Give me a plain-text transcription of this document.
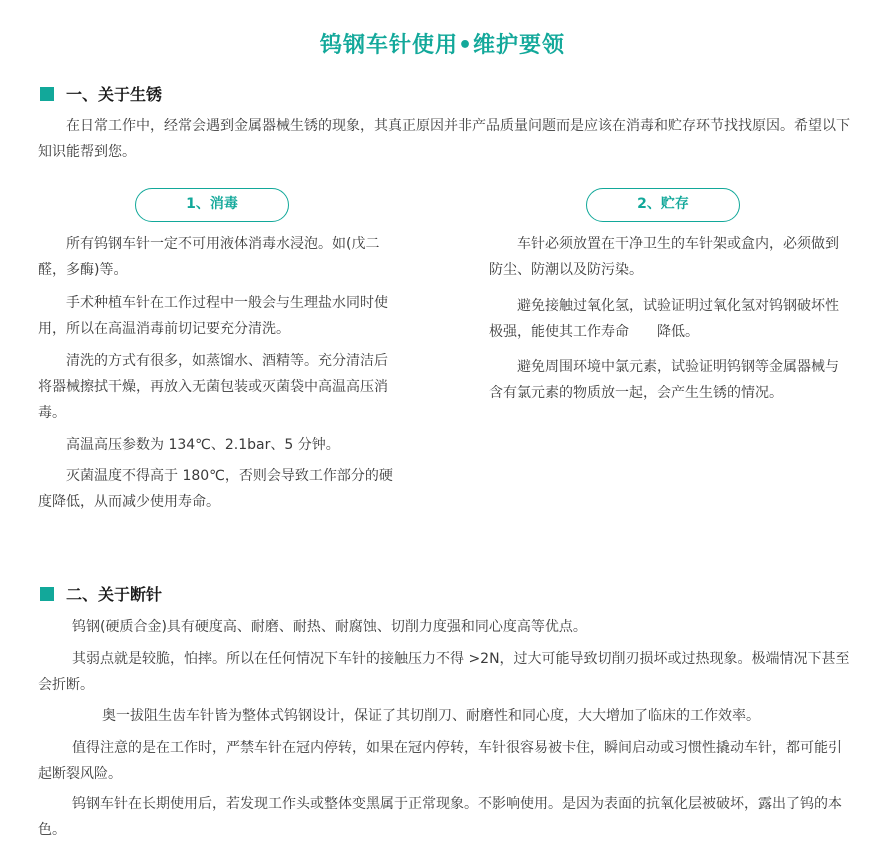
钨钢车针使用•维护要领
一、关于生锈

在日常工作中，经常会遇到金属器械生锈的现象，其真正原因并非产品质量问题而是应该在消毒和贮存环节找找原因。希望以下知识能帮到您。

1、消毒	2、贮存

所有钨钢车针一定不可用液体消毒水浸泡。如(戊二醛，多酶)等。

手术种植车针在工作过程中一般会与生理盐水同时使用，所以在高温消毒前切记要充分清洗。

清洗的方式有很多，如蒸馏水、酒精等。充分清洁后将器械擦拭干燥，再放入无菌包装或灭菌袋中高温高压消毒。

高温高压参数为 134℃、2.1bar、5 分钟。

灭菌温度不得高于 180℃，否则会导致工作部分的硬度降低，从而减少使用寿命。

车针必须放置在干净卫生的车针架或盒内，必须做到防尘、防潮以及防污染。

避免接触过氧化氢，试验证明过氧化氢对钨钢破坏性极强，能使其工作寿命　　降低。

避免周围环境中氯元素，试验证明钨钢等金属器械与含有氯元素的物质放一起，会产生生锈的情况。

二、关于断针

钨钢(硬质合金)具有硬度高、耐磨、耐热、耐腐蚀、切削力度强和同心度高等优点。

其弱点就是较脆，怕摔。所以在任何情况下车针的接触压力不得 >2N，过大可能导致切削刃损坏或过热现象。极端情况下甚至会折断。

奥一拔阻生齿车针皆为整体式钨钢设计，保证了其切削刀、耐磨性和同心度，大大增加了临床的工作效率。

值得注意的是在工作时，严禁车针在冠内停转，如果在冠内停转，车针很容易被卡住，瞬间启动或习惯性撬动车针，都可能引起断裂风险。

钨钢车针在长期使用后，若发现工作头或整体变黑属于正常现象。不影响使用。是因为表面的抗氧化层被破坏，露出了钨的本色。
